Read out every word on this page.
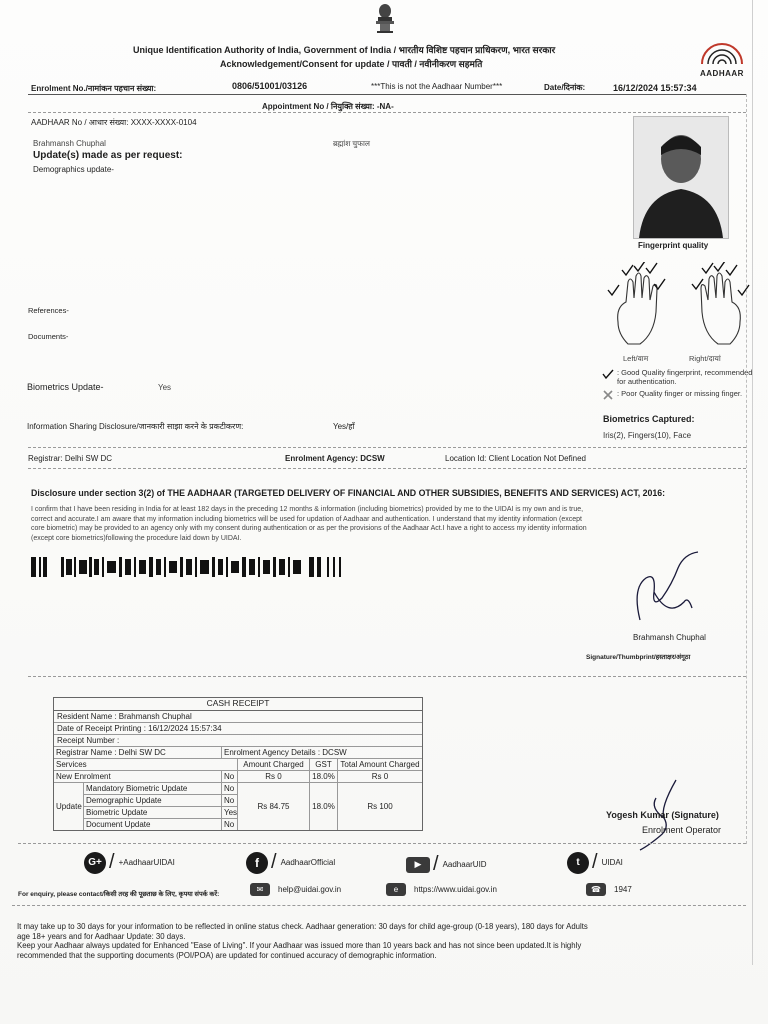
Unique Identification Authority of India, Government of India / भारतीय विशिष्ट पहचान प्राधिकरण, भारत सरकार
Acknowledgement/Consent for update / पावती / नवीनीकरण सहमति
AADHAAR
Enrolment No./नामांकन पहचान संख्या:	0806/51001/03126	***This is not the Aadhaar Number***	Date/दिनांक:	16/12/2024 15:57:34
Appointment No / नियुक्ति संख्या: -NA-
AADHAAR No / आधार संख्या: XXXX-XXXX-0104
Brahmansh Chuphal	ब्रह्मांश चुफाल
Update(s) made as per request:
Demographics update-
Fingerprint quality
Left/वाम	Right/दायां
: Good Quality fingerprint, recommended for authentication.
: Poor Quality finger or missing finger.
Biometrics Captured:
Iris(2), Fingers(10), Face
References-
Documents-
Biometrics Update-	Yes
Information Sharing Disclosure/जानकारी साझा करने के प्रकटीकरण:	Yes/हाँ
Registrar: Delhi SW DC	Enrolment Agency: DCSW	Location Id: Client Location Not Defined
Disclosure under section 3(2) of THE AADHAAR (TARGETED DELIVERY OF FINANCIAL AND OTHER SUBSIDIES, BENEFITS AND SERVICES) ACT, 2016:
I confirm that I have been residing in India for at least 182 days in the preceding 12 months & information (including biometrics) provided by me to the UIDAI is my own and is true,
correct and accurate.I am aware that my information including biometrics will be used for updation of Aadhaar and authentication. I understand that my identity information (except
core biometric) may be provided to an agency only with my consent during authentication or as per the provisions of the Aadhaar Act.I have a right to access my identity information
(except core biometrics)following the procedure laid down by UIDAI.
Brahmansh Chuphal
Signature/Thumbprint/हस्ताक्षर/अंगूठा
CASH RECEIPT
Resident Name : Brahmansh Chuphal
Date of Receipt Printing : 16/12/2024 15:57:34
Receipt Number :
Registrar Name : Delhi SW DC	Enrolment Agency Details : DCSW
Services	Amount Charged	GST	Total Amount Charged
New Enrolment	No	Rs 0	18.0%	Rs 0
Update
Mandatory Biometric Update	No
Rs 84.75	18.0%	Rs 100
Demographic Update	No
Biometric Update	Yes
Document Update	No
Yogesh Kumar (Signature)
Enrolment Operator
G+ / +AadhaarUIDAI	f / AadhaarOfficial	▶ / AadhaarUID	t / UIDAI
For enquiry, please contact/किसी तरह की पूछताछ के लिए, कृपया संपर्क करें:
✉	help@uidai.gov.in	e	https://www.uidai.gov.in	☎	1947
It may take up to 30 days for your information to be reflected in online status check. Aadhaar generation: 30 days for child age-group (0-18 years), 180 days for Adults
age 18+ years and for Aadhaar Update: 30 days.
Keep your Aadhaar always updated for Enhanced "Ease of Living". If your Aadhaar was issued more than 10 years back and has not since been updated.It is highly
recommended that the supporting documents (POI/POA) are updated for continued accuracy of demographic information.
